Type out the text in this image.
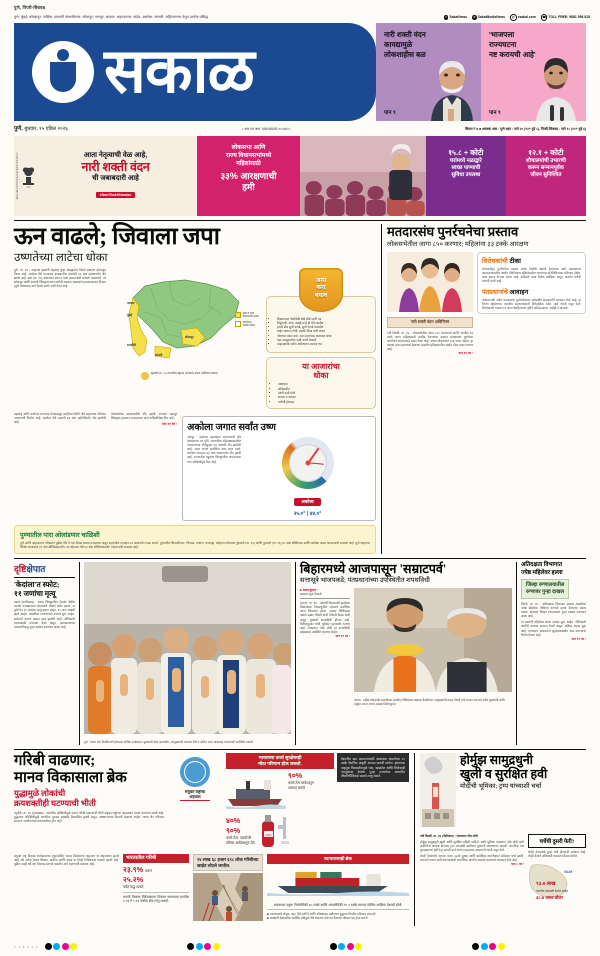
पुणे, पिंपरी-चिंचवड
पुणे: मुंबई: कोल्हापूर: नाशिक: छत्रपती संभाजीनगर: सोलापूर: नागपूर: सातारा: अहमदनगर: नांदेड: अकोला: सांगली: अहिल्यानगर येथून दररोज प्रसिद्ध	f SakalNews	X SakalMediaNews	@ esakal.com	☎ TOLL FREE: 9881 598 815
सकाळ
नारी शक्ती वंदन
कायद्यामुळे
लोकशाहीस बळ
पान ९
'भाजपला
राज्यघटना
नष्ट करायची आहे'
पान ९
पुणे, बुधवार, १५ एप्रिल २०२६	• आर.एन.आय. MAHMAR-१५५४/६५.	किंमत ₹ ७ ■ आजचा अंक : पुणे शहर : पाने २० (१२+ टूडे ८), पिंपरी-चिंचवड : पाने १८ (१२+ टूडे ६)
MAHMAR/2020/19/3081/02627	भारत
आता नेतृत्वाची वेळ आहे,
नारी शक्ती वंदन
ची जबाबदारी आहे
#NariShaktiVandan
लोकसभा आणि
राज्य विधानसभांमध्ये
महिलांसाठी
३३% आरक्षणाची
हमी
१५.८ + कोटी
घरांमध्ये नळाद्वारे
स्वच्छ पाण्याची
सुविधा उपलब्ध
१२.१ + कोटी
शौचालयांची उभारणी
करून सन्मानपूर्वक
जीवन सुनिश्चित
ऊन वाढले; जिवाला जपा
उष्णतेच्या लाटेचा धोका
पुणे, ता. १४ : उन्हाच्या झळांनी महाराष्ट्र पुन्हा असह्मनाच विदर्भ अक्षरशः होरपळून निघत आहे. अकोला येथे पाऱ्याच्या इंगळ्यातील उच्चांकी ४४ अंश साध्यापर्यंत नोंद झाली आहे. उद्या (ता. १५) कोकणात उष्ण व दमट हवामानाची शक्यता असल्याने, तर सोलापूर आणि सांगली जिल्ह्यात उष्ण लाटेची शक्यता असल्याने हवामानशास्त्र विभाग (पुणे वेधशाळा) याने येल्लो अलर्ट जारी केला आहे.
पालघर
मुंबई
रत्नागिरी
सोलापूर
सांगली
उष्ण व दमट
हवामानाचा इशारा
उष्णतेच्या
लाटेचा इशारा
बुधवारी (ता. १५) राज्यातील बहुतांश भागामध्ये अंदाज दर्शविणारा नकाशा
असा
करा
बचाव
• दिवसभरात वेळोवेळी थोडे थोडे पाणी प्या
• निंबूपाणी, ताक, लस्सी-पन्हे ही पेये घ्यावीत
• हलके सैल सुती कपडे, सुती कपडे घालावेत
• बाहेर जाताना टोपी, स्कार्फ किंवा छत्री वापरा
• गॉगलचा वापर करा, गळ वाटल्यास आरामात थांबा
• चहा उपयुक्ततेचा कमी करणे टाळावे
• उन्हाळ्याची त्वरीत आरोग्याचा उपचार घ्या
या आजारांचा
धोका
• उष्माघात
• अतिसारीत
• पाणी कमी होणे
• थकवा व चक्कर
• त्वचेची होरपळ
महाराष्ट्र आणि कर्नाटक राज्याला नेत्रदाखवून कांहीच्या दिशेने नोंद सहाराच्या परिणाम वाचल्याची निर्माण आहे. अकोला येथे उन्हाची ४४ अंश सावित्रीपर्यंत नोंद झालेली आहे.
वेधशाळेच्या सावधानतेची नोंद झाली. राज्यात महापूर जिल्ह्यांत हवामान तापमानाचा पारा चाळिशीपेक्षा निघ आहे.
पान ११ वर › अकोला जगात सर्वांत उष्ण
नागपूर : उन्हाच्या महाराष्ट्रात तापमानाची नोंद देशभराच्या पट होते. राज्यातील संकेतस्थळावरील तापमानाच्या नोंदीनुसार ४४ अंशांची नोंद झालेली आहे. आज जगात सर्वाधिक उष्ण शहर ठरले. अकोला तापमान ४४ अंश साध्यापर्यंत नोंद झाली आहे. राज्यातील बहुतांश जिल्ह्यांतील तापमानाचा पारा चाळिशीपुढे गेला आहे.
अकोला
२५.०° | ४४.०°
पुण्यातील पारा ओलांडणार चाळिशी
पुणे आणि अहमदनगर परिसरात पुढील तीन ते चार दिवस तापमान वाढणार असून शहरातील तापमान ४० अंशांपर्यंत जाऊ शकते. पुण्यातील शिवाजीनगर, चिंचवड, पाषाण, मगरपट्टा, लोहगाव परिसरात बुधवारी (ता. १५) आणि गुरुवारी (ता. १६) ४० अंश सेल्सिअस आणि त्यापेक्षा जास्त तापमानाची शक्यता आहे. पुणे शहराच्या विविध भागांमध्ये ४१ अंश सेल्सिअसपर्यंत, तर लोहगाव येथे ४२ अंश सेल्सिअसपर्यंत तापमानाची शक्यता आहे.
मतदारसंघ पुनर्रचनेचा प्रस्ताव
लोकसभेतील जागा ८५० करणार; महिलांना ३३ टक्के आरक्षण
नारी शक्ती वंदन अधिनियम
नवी दिल्ली, ता. १४ : लोकसभेतील जागा ८५० करण्याचा आणि त्यातील ३३ टक्के जागा महिलांसाठी राखीव ठेवण्याचा प्रस्ताव मतदारसंघ पुनर्रचना आयोगाने सरकारकडे सादर केला आहे. सध्या लोकसभेत ५४३ जागा आहेत. हा प्रस्ताव मान्य झाल्यास देशाच्या संसदीय इतिहासातील सर्वांत मोठा बदल ठरणार आहे.
पान ११ वर ›
विरोधकांची टीका
लोकसभेतून पुनर्रचनेचा प्रस्ताव अनेक विरोधी पक्षांनी फेटाळला आहे. प्रस्तावाच्या अंमलबजावणीस आक्षेप नोंदविताना दक्षिणेकडील राज्यांच्या प्रतिनिधित्वावर परिणाम होईल, असा इशारा देण्यात आला आहे. काँग्रेसने याला विरोध दर्शविला असून, संसदेत चर्चेची मागणी केली आहे.
पंतप्रधानांचे आवाहन
पंतप्रधानांनी नवीन मतदारसंघ पुनर्रचनेबाबत सर्वपक्षीय सहकार्याचे आवाहन केले आहे. हा निर्णय महिलांच्या राजकीय सहभागासाठी ऐतिहासिक ठरेल, असे त्यांनी नमूद केले. विरोधकांनी घाबरून न जाता देशहिताच्या दृष्टीने पाठिंबा द्यावा, असेही ते म्हणाले.
दृष्टिक्षेपात
'केदांला'त स्फोट;
११ जणांचा मृत्यू
बस्तर (छत्तीसगड) : बस्तर जिल्ह्यातील 'केदांत' येथील फटाके कारखान्यात मंगळवारी भीषण स्फोट झाला. या दुर्घटनेत ११ जणांचा मृत्यू झाला असून, १२ जण जखमी झाले आहेत. जखमींवर रुग्णालयात उपचार सुरू आहेत. स्फोटाचे कारण अद्याप स्पष्ट झालेले नाही. पोलिसांनी घटनास्थळी पंचनामा केला असून, कारखान्याच्या मालकाविरुद्ध गुन्हा दाखल करण्यात आला आहे.
पुणे : देशात रोज नियमितपणे होणाऱ्या धार्मिक कार्यक्रमात मुख्यमंत्री देवेंद्र फडणवीस, उपमुख्यमंत्री एकनाथ शिंदे व अजित पवार यांच्यासह मान्यवरांनी उपस्थिती लावली.
बिहारमध्ये आजपासून 'सम्राटपर्व'
सत्तासूत्रे भाजपकडे; पंतप्रधानांच्या उपस्थितीत शपथविधी
■ राजन कुमार :
सकाळ न्यूज नेटवर्क
पाटणा, ता. १४ : गतवर्षी बिहारमध्ये झालेल्या विधानसभा निवडणुकीत भाजपने सर्वाधिक जागा जिंकल्या होत्या. भाजप विधिमंडळ पक्षाने सम्राट चौधरी यांची नेतेपदी निवड केली असून, बुधवारी शपथविधी होणार आहे. नितीशकुमार यांची भूमिका महत्त्वाची ठरणार आहे. पंतप्रधान नरेंद्र मोदी या शपथविधी सोहळ्यास उपस्थित राहणार आहेत.
पान ११ वर ›
पाटणा : राष्ट्रीय लोकशाही आघाडीच्या (एनडीए) विधिमंडळ पक्षाच्या बैठकीनंतर उपमुख्यमंत्री सम्राट चौधरी यांचे स्वागत करताना नवीन मुख्यमंत्री आणि संयुक्त जनता दलाचे अध्यक्ष नितीशकुमार.
अतिदक्षता विभागात
ज्येष्ठ महिलेवर हल्ला
जिल्हा रुग्णालयातील
रुग्णावर गुन्हा दाखल
पिंपरी, ता. १४ : अतिदक्षता विभागात दाखल असलेल्या ज्येष्ठ महिलेवर तेथीलच रुग्णाने हल्ला केल्याचा प्रकार घडला. याबाबत जिल्हा रुग्णालयात गुन्हा दाखल करण्यात आला आहे.
या प्रकरणी महिलेवर सध्या उपचार सुरू आहेत. पोलिसांनी आरोपी रुग्णास ताब्यात घेतले असून, अधिक तपास सुरू आहे. रुग्णालय प्रशासनाने सुरक्षाव्यवस्थेत वाढ करण्याचा निर्णय घेतला आहे.
पान ११ वर ›
गरिबी वाढणार;
मानव विकासाला ब्रेक
युद्धामुळे लोकांची
क्रयशक्तीही घटण्याची भीती
न्यूयॉर्क, ता. १४ (वृत्तसंस्था) : जागतिक अस्थिरतेमुळे जगात गरिबी वाढण्याची भीती संयुक्त राष्ट्रांच्या अहवालात व्यक्त करण्यात आली आहे. युद्धजन्य परिस्थितीमुळे जागतिक पुरवठा साखळी विस्कळित झाली असून, अन्नधान्याच्या किमती वाढल्या आहेत. त्याचा थेट परिणाम सामान्य नागरिकांच्या क्रयशक्तीवर होत आहे.
संयुक्त राष्ट्रांचा
अहवाल
भारताच्या ऊर्जा सुरक्षेवरही
मोठा परिणाम होऊ शकतो.
९०%
कच्चे तेल परदेशातून
आयात करावे
४०%
९०%
कच्चे तेल, एलपीजी
परिसर आशियातून येते.
LPG
देशातील खत उत्पादनासाठी आवश्यक असलेल्या ८५ टक्के नैसर्गिक वायूची आयात करावी लागेल. इंधनाच्या वाहतूक विस्कळीतमुळे भाव, खाद्यतेल आणि विजेवरही त्यामुळच्या देशांना पुन्हा तत्परतेवर आधारित वीजनिर्मितीकडे वळावे लागू शकते.
संयुक्त राष्ट्र विकास कार्यक्रमाच्या (यूएनडीपी) 'मानव विकासाचा अहवाल' या अहवालात म्हटले आहे, की अनेक देशांत शिक्षण, आरोग्य आणि उत्पन्न या तिन्ही निर्देशांकांत घसरण झाली आहे. पुढील काही वर्षे जग विकास दराच्या बाबतीत मागे राहण्याची शक्यता आहे.
भारतातील गरिबी
२३.९% वरून
२५.२%
पर्यंत वाढू शकते
मानवी विकास निर्देशांकाचा विकास भारताच्या प्रगतीस ०.०३ ते ०.९२ वर्षांचा ब्रेक लागू शकतो.
२४ लाख ६८ हजार ६९८ लोक गरिबीच्या खाईत लोटले जातील.
व्यापारालाही ब्रेक
भारताच्या एकूण निर्यातीपैकी ७५ टक्के आणि आयातीपैकी २०.९ टक्के व्यापार पश्चिम आशिया देशांशी होतो.
■ चालनामध्ये तांदूळ, चहा, हिरे-दागिने आणि औषधांसह उद्योगांवर युद्धाचा विपरीत परिणाम संभवतो
■ आखाती देशांमधील आर्थिक मंदीमुळे तेथे भारतात येणाऱ्या पैशाच्या ओघात घट होऊ शकते
होर्मुझ सामुद्रधुनी
खुली व सुरक्षित हवी
मोदींची भूमिका; ट्रम्प यांच्याशी चर्चा
नवी दिल्ली, ता. १४ (पीटीआय) : पंतप्रधान नरेंद्र मोदी
होर्मुझ सामुद्रधुनी खुली आणि सुरक्षित राहिली पाहिजे, अशी भूमिका पंतप्रधान नरेंद्र मोदी यांनी अमेरिकेचे अध्यक्ष डोनाल्ड ट्रम्प यांच्याशी झालेल्या दूरध्वनी संभाषणात मांडली. जागतिक तेल पुरवठ्याच्या दृष्टीने हा सागरी मार्ग अत्यंत महत्त्वाचा असल्याचे त्यांनी नमूद केले.
दोन्ही नेत्यांमध्ये व्यापार करार, ऊर्जा सुरक्षा आणि प्रादेशिक शांततेबाबत सविस्तर चर्चा झाली. भारताने तणाव कमी करण्यासाठी राजनैतिक मार्गाचा अवलंब करण्याचे आवाहन केले आहे.
पान ८ वर ›
चर्चेची दुसरी फेरी?
दोन्ही नेत्यांमध्ये पुन्हा चर्चा होण्याची शक्यता आहे. दोन्ही देशांचे अधिकारी लवकरच बैठक घेतील.
Gulf
९३.७ लाख
भारतीय आखाती देशांत आहेत.
३८.७ अब्ज डॉलर
१ २ ३ ४ ५ ६
